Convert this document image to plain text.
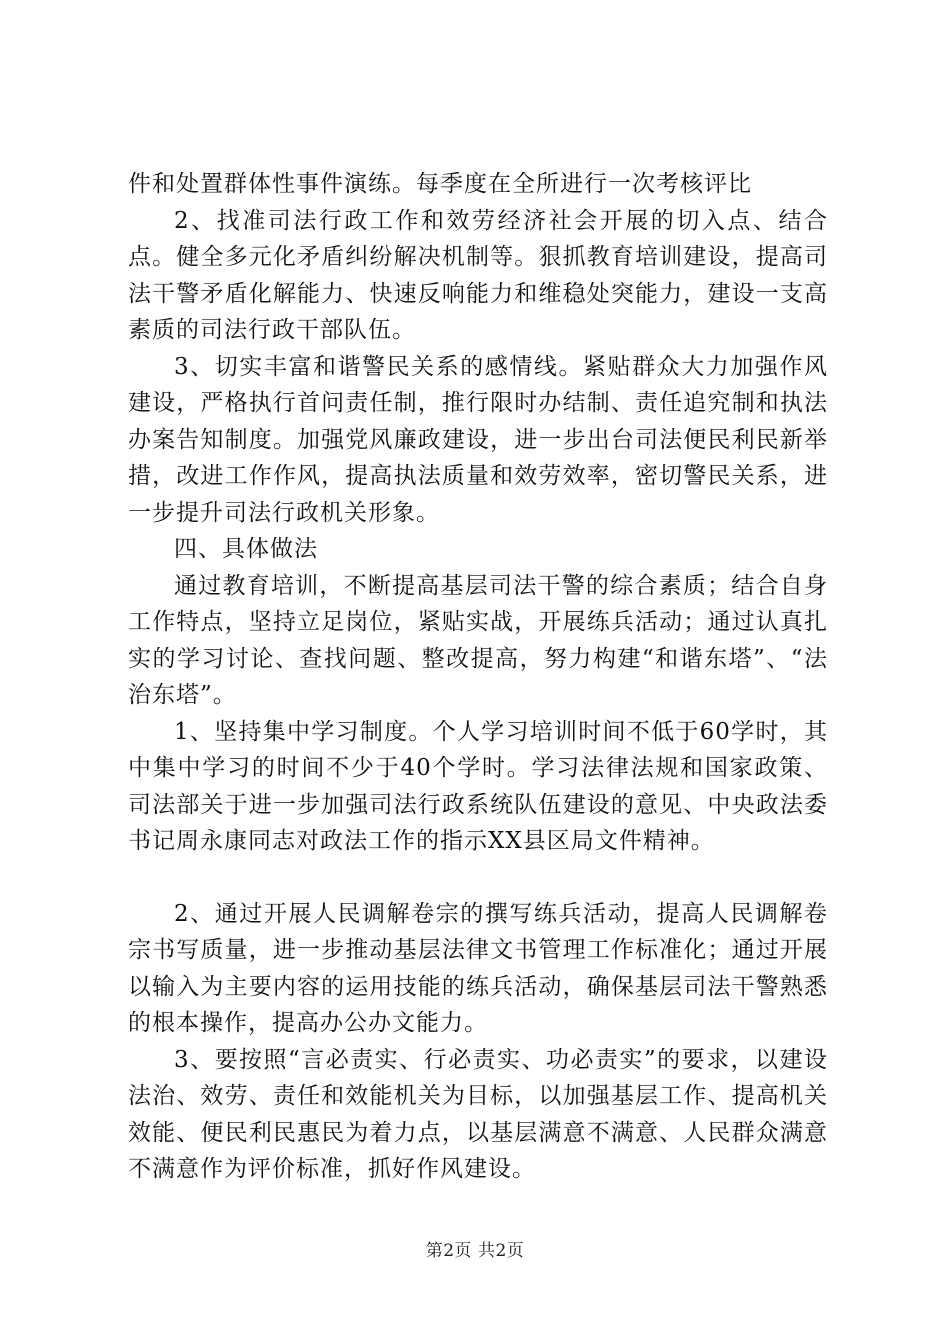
件和处置群体性事件演练。每季度在全所进行一次考核评比

2、找准司法行政工作和效劳经济社会开展的切入点、结合点。健全多元化矛盾纠纷解决机制等。狠抓教育培训建设，提高司法干警矛盾化解能力、快速反响能力和维稳处突能力，建设一支高素质的司法行政干部队伍。

3、切实丰富和谐警民关系的感情线。紧贴群众大力加强作风建设，严格执行首问责任制，推行限时办结制、责任追究制和执法办案告知制度。加强党风廉政建设，进一步出台司法便民利民新举措，改进工作作风，提高执法质量和效劳效率，密切警民关系，进一步提升司法行政机关形象。

四、具体做法

通过教育培训，不断提高基层司法干警的综合素质；结合自身工作特点，坚持立足岗位，紧贴实战，开展练兵活动；通过认真扎实的学习讨论、查找问题、整改提高，努力构建“和谐东塔”、“法治东塔”。

1、坚持集中学习制度。个人学习培训时间不低于60学时，其中集中学习的时间不少于40个学时。学习法律法规和国家政策、司法部关于进一步加强司法行政系统队伍建设的意见、中央政法委书记周永康同志对政法工作的指示XX县区局文件精神。

2、通过开展人民调解卷宗的撰写练兵活动，提高人民调解卷宗书写质量，进一步推动基层法律文书管理工作标准化；通过开展以输入为主要内容的运用技能的练兵活动，确保基层司法干警熟悉的根本操作，提高办公办文能力。

3、要按照“言必责实、行必责实、功必责实”的要求，以建设法治、效劳、责任和效能机关为目标，以加强基层工作、提高机关效能、便民利民惠民为着力点，以基层满意不满意、人民群众满意不满意作为评价标准，抓好作风建设。

第2页 共2页
